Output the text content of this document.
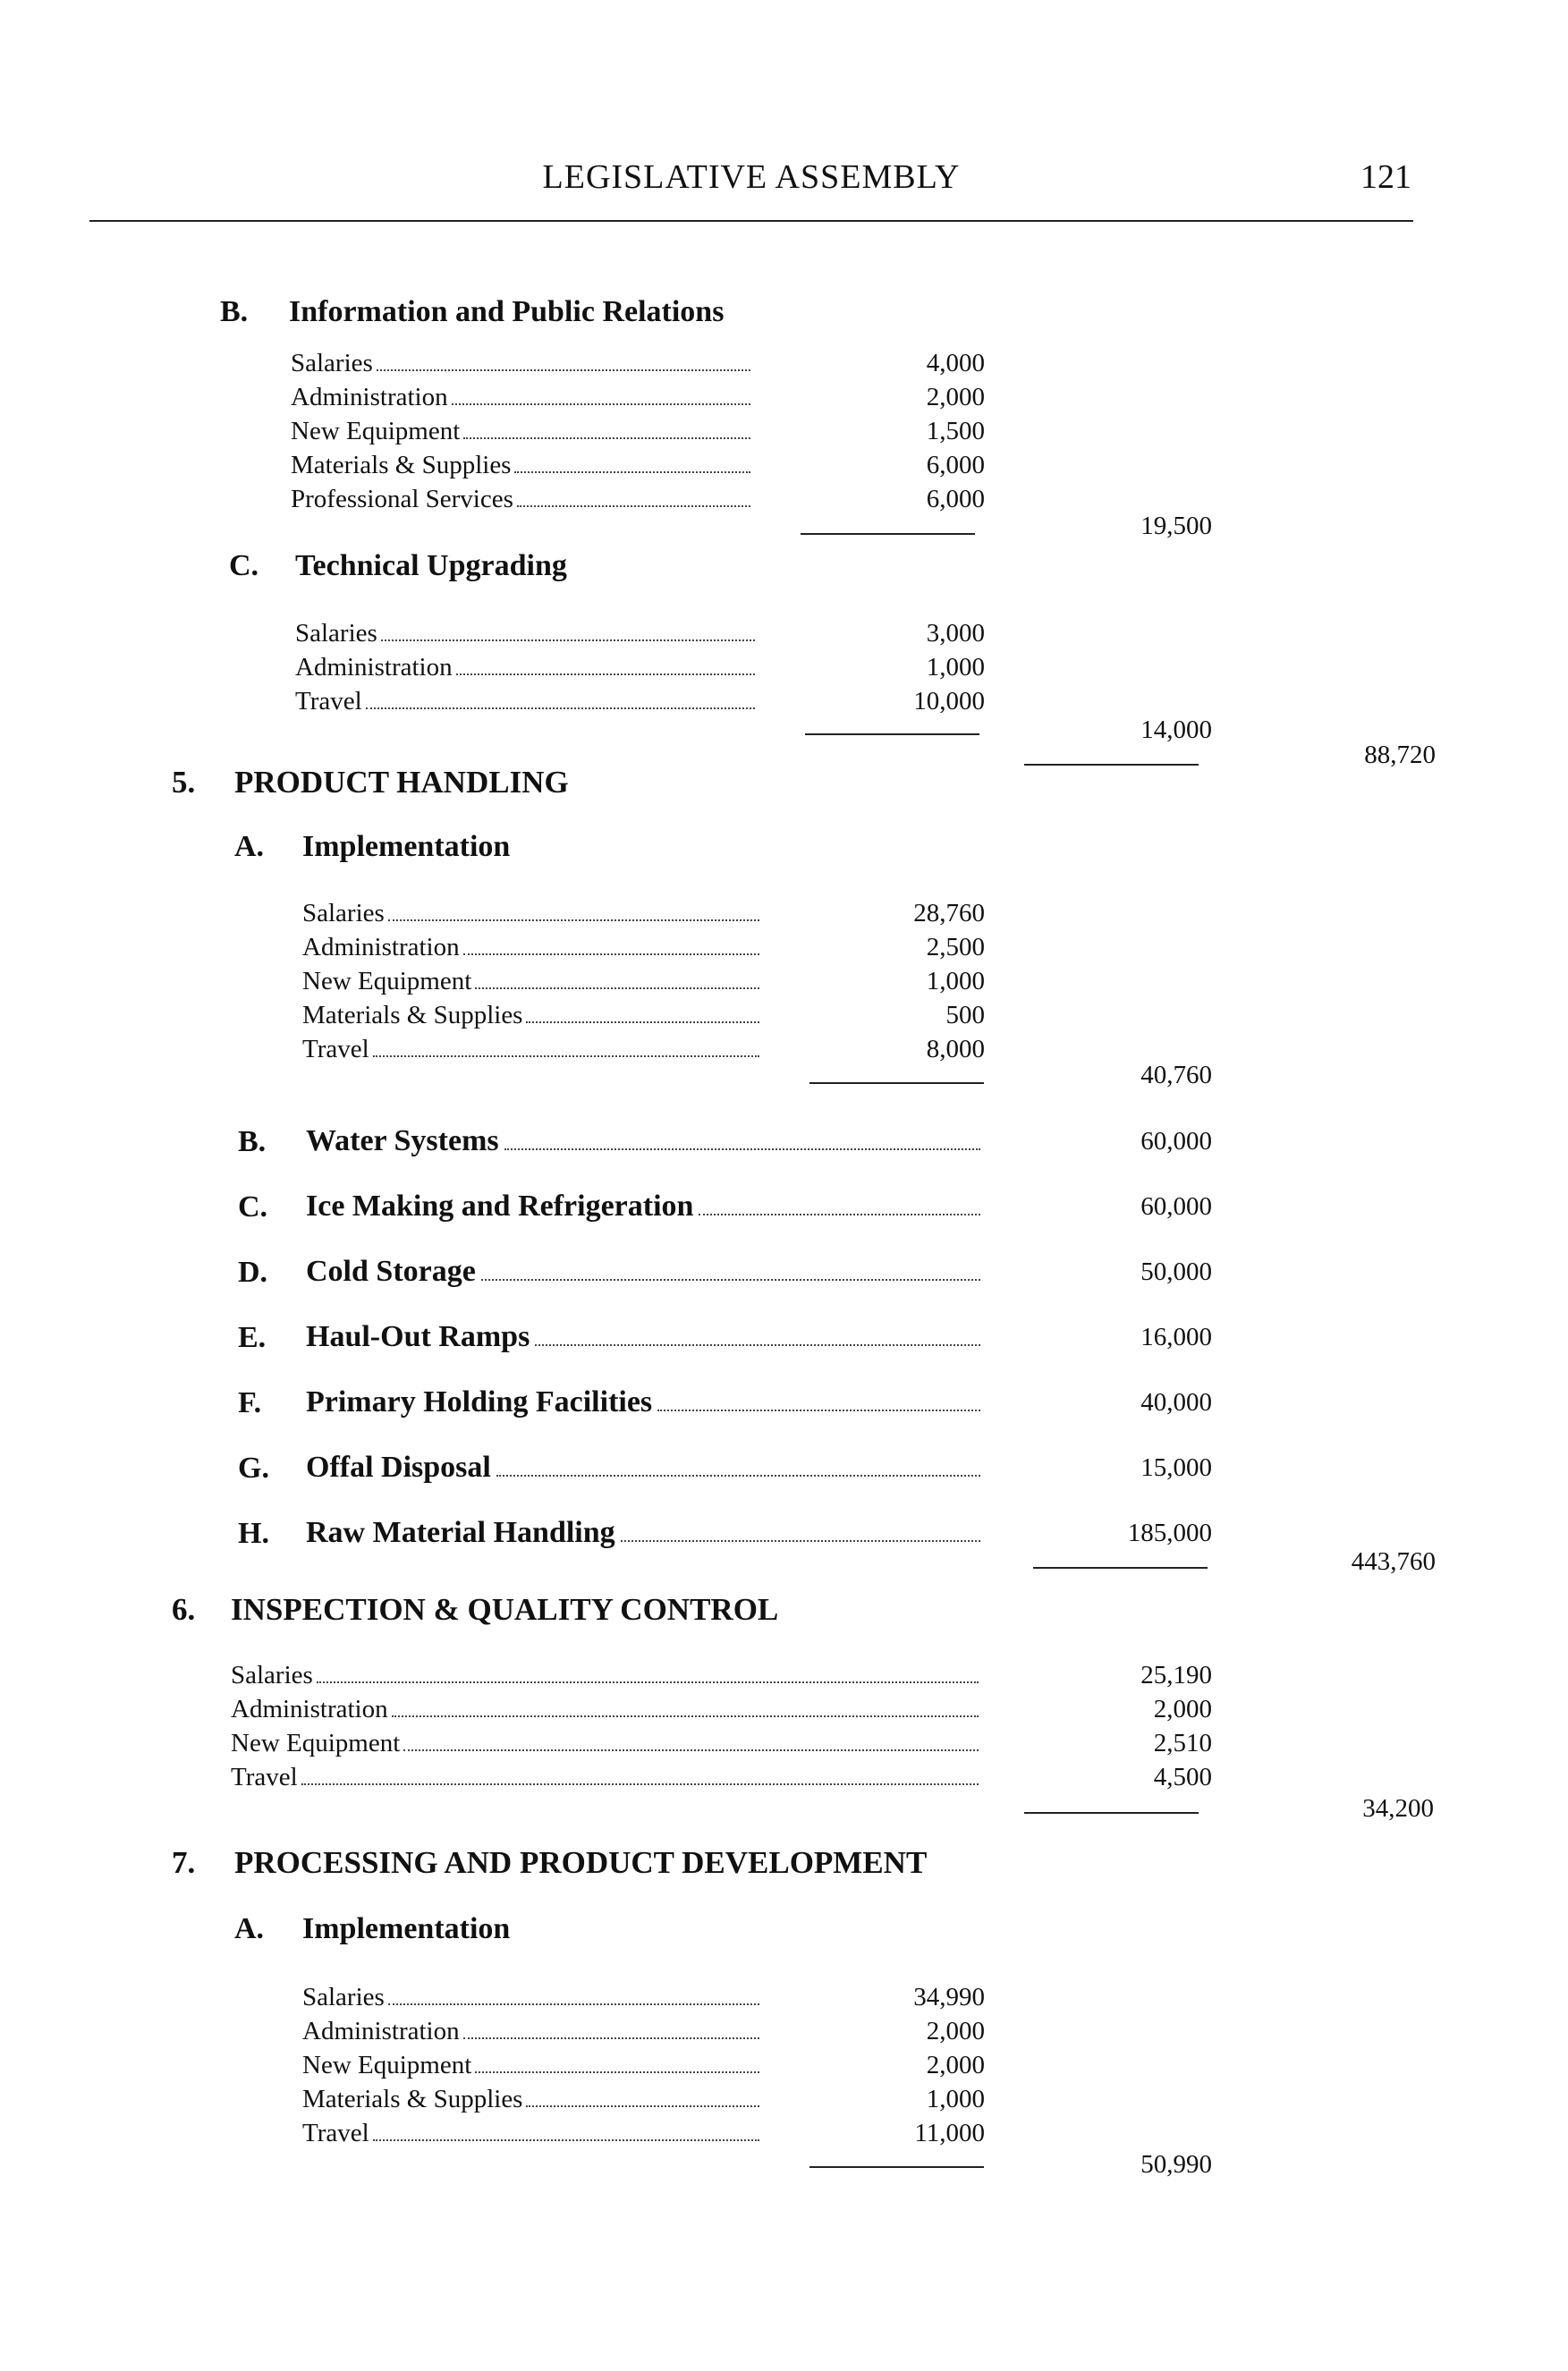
LEGISLATIVE ASSEMBLY	121
B. Information and Public Relations
Salaries	4,000
Administration	2,000
New Equipment	1,500
Materials & Supplies	6,000
Professional Services	6,000
19,500
C. Technical Upgrading
Salaries	3,000
Administration	1,000
Travel	10,000
14,000
88,720
5. PRODUCT HANDLING
A. Implementation
Salaries	28,760
Administration	2,500
New Equipment	1,000
Materials & Supplies	500
Travel	8,000
40,760
B. Water Systems	60,000
C. Ice Making and Refrigeration	60,000
D. Cold Storage	50,000
E. Haul-Out Ramps	16,000
F. Primary Holding Facilities	40,000
G. Offal Disposal	15,000
H. Raw Material Handling	185,000
443,760
6. INSPECTION & QUALITY CONTROL
Salaries	25,190
Administration	2,000
New Equipment	2,510
Travel	4,500
34,200
7. PROCESSING AND PRODUCT DEVELOPMENT
A. Implementation
Salaries	34,990
Administration	2,000
New Equipment	2,000
Materials & Supplies	1,000
Travel	11,000
50,990
